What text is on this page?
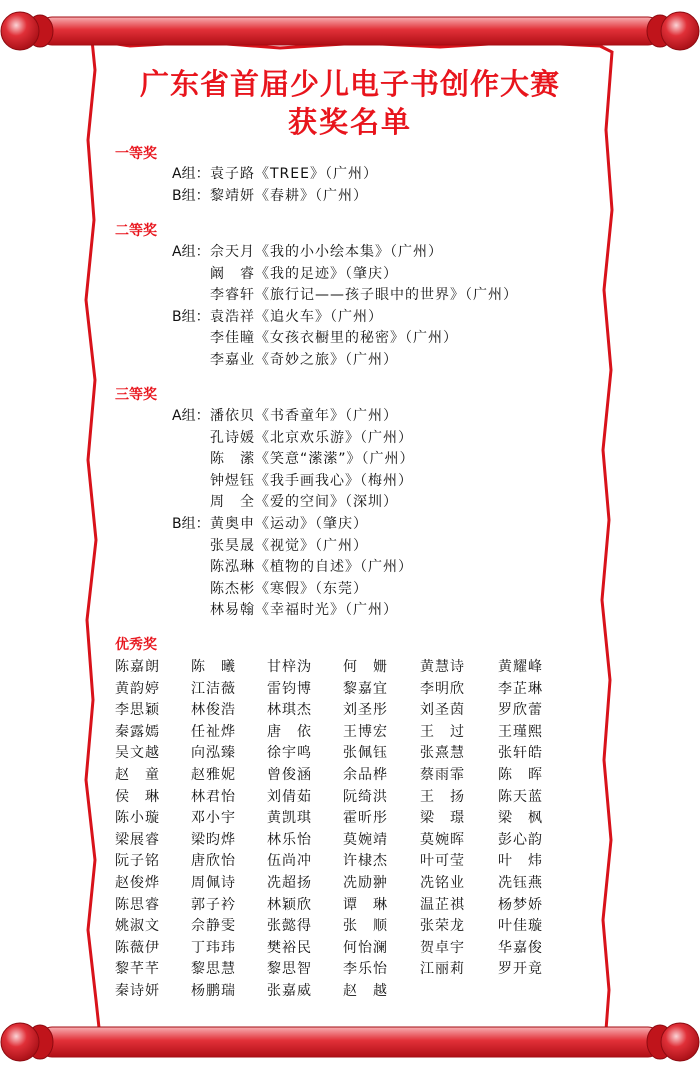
广东省首届少儿电子书创作大赛
获奖名单
一等奖
A组： 袁子路《TREE》（广州）
B组： 黎靖妍《春耕》（广州）
二等奖
A组： 佘天月《我的小小绘本集》（广州）
阚　睿《我的足迹》（肇庆）
李睿轩《旅行记——孩子眼中的世界》（广州）
B组： 袁浩祥《追火车》（广州）
李佳瞳《女孩衣橱里的秘密》（广州）
李嘉业《奇妙之旅》（广州）
三等奖
A组： 潘依贝《书香童年》（广州）
孔诗媛《北京欢乐游》（广州）
陈　潆《笑意“潆潆”》（广州）
钟煜钰《我手画我心》（梅州）
周　全《爱的空间》（深圳）
B组： 黄奥申《运动》（肇庆）
张昊晟《视觉》（广州）
陈泓琳《植物的自述》（广州）
陈杰彬《寒假》（东莞）
林易翰《幸福时光》（广州）
优秀奖
陈嘉朗 陈　曦 甘梓沩 何　姗 黄慧诗 黄耀峰
黄韵婷 江洁薇 雷钧博 黎嘉宜 李明欣 李芷琳
李思颖 林俊浩 林琪杰 刘圣彤 刘圣茵 罗欣蕾
秦露嫣 任祉烨 唐　依 王博宏 王　过 王瑾熙
吴文越 向泓臻 徐宇鸣 张佩钰 张熹慧 张轩皓
赵　童 赵雅妮 曾俊涵 余品桦 蔡雨霏 陈　晖
侯　琳 林君怡 刘倩茹 阮绮洪 王　扬 陈天蓝
陈小璇 邓小宇 黄凯琪 霍昕彤 梁　璟 梁　枫
梁展睿 梁昀烨 林乐怡 莫婉靖 莫婉晖 彭心韵
阮子铭 唐欣怡 伍尚冲 许棣杰 叶可莹 叶　炜
赵俊烨 周佩诗 冼超扬 冼励翀 冼铭业 冼钰燕
陈思睿 郭子衿 林颖欣 谭　琳 温芷祺 杨梦娇
姚淑文 佘静雯 张懿得 张　顺 张荣龙 叶佳璇
陈薇伊 丁玮玮 樊裕民 何怡澜 贺卓宇 华嘉俊
黎芊芊 黎思慧 黎思智 李乐怡 江丽莉 罗开竟
秦诗妍 杨鹏瑞 张嘉威 赵　越
